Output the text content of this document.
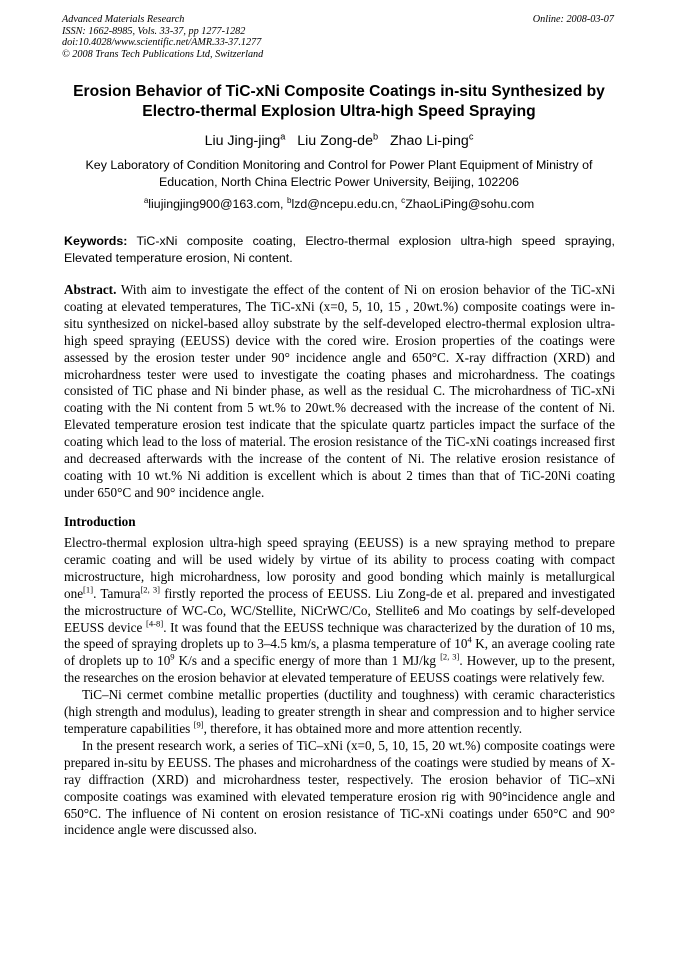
Advanced Materials Research
ISSN: 1662-8985, Vols. 33-37, pp 1277-1282
doi:10.4028/www.scientific.net/AMR.33-37.1277
© 2008 Trans Tech Publications Ltd, Switzerland
Online: 2008-03-07
Erosion Behavior of TiC-xNi Composite Coatings in-situ Synthesized by
Electro-thermal Explosion Ultra-high Speed Spraying
Liu Jing-jing$^a$ Liu Zong-$de^b$ Zhao Li-ping$^c$
Key Laboratory of Condition Monitoring and Control for Power Plant Equipment of Ministry of Education, North China Electric Power University, Beijing, 102206
$^a$liujingjing900@163.com, $^b$lzd@ncepu.edu.cn, $^c$ZhaoLiPing@sohu.com
Keywords: TiC-xNi composite coating, Electro-thermal explosion ultra-high speed spraying, Elevated temperature erosion, Ni content.
Abstract. With aim to investigate the effect of the content of Ni on erosion behavior of the TiC-xNi coating at elevated temperatures, The TiC-xNi (x=0, 5, 10, 15 , 20wt.%) composite coatings were in-situ synthesized on nickel-based alloy substrate by the self-developed electro-thermal explosion ultra-high speed spraying (EEUSS) device with the cored wire. Erosion properties of the coatings were assessed by the erosion tester under 90° incidence angle and 650°C. X-ray diffraction (XRD) and microhardness tester were used to investigate the coating phases and microhardness. The coatings consisted of TiC phase and Ni binder phase, as well as the residual C. The microhardness of TiC-xNi coating with the Ni content from 5 wt.% to 20wt.% decreased with the increase of the content of Ni. Elevated temperature erosion test indicate that the spiculate quartz particles impact the surface of the coating which lead to the loss of material. The erosion resistance of the TiC-xNi coatings increased first and decreased afterwards with the increase of the content of Ni. The relative erosion resistance of coating with 10 wt.% Ni addition is excellent which is about 2 times than that of TiC-20Ni coating under 650°C and 90° incidence angle.
Introduction

Electro-thermal explosion ultra-high speed spraying (EEUSS) is a new spraying method to prepare ceramic coating and will be used widely by virtue of its ability to process coating with compact microstructure, high microhardness, low porosity and good bonding which mainly is metallurgical one[1]. Tamura[2, 3] firstly reported the process of EEUSS. Liu Zong-de et al. prepared and investigated the microstructure of WC-Co, WC/Stellite, NiCrWC/Co, Stellite6 and Mo coatings by self-developed EEUSS device [4-8]. It was found that the EEUSS technique was characterized by the duration of 10 ms, the speed of spraying droplets up to 3–4.5 km/s, a plasma temperature of $10^4$ K, an average cooling rate of droplets up to $10^9$ K/s and a specific energy of more than 1 MJ/kg [2, 3]. However, up to the present, the researches on the erosion behavior at elevated temperature of EEUSS coatings were relatively few.

TiC–Ni cermet combine metallic properties (ductility and toughness) with ceramic characteristics (high strength and modulus), leading to greater strength in shear and compression and to higher service temperature capabilities [9], therefore, it has obtained more and more attention recently.

In the present research work, a series of TiC–xNi (x=0, 5, 10, 15, 20 wt.%) composite coatings were prepared in-situ by EEUSS. The phases and microhardness of the coatings were studied by means of X-ray diffraction (XRD) and microhardness tester, respectively. The erosion behavior of TiC–xNi composite coatings was examined with elevated temperature erosion rig with 90°incidence angle and 650°C. The influence of Ni content on erosion resistance of TiC-xNi coatings under 650°C and 90° incidence angle were discussed also.
